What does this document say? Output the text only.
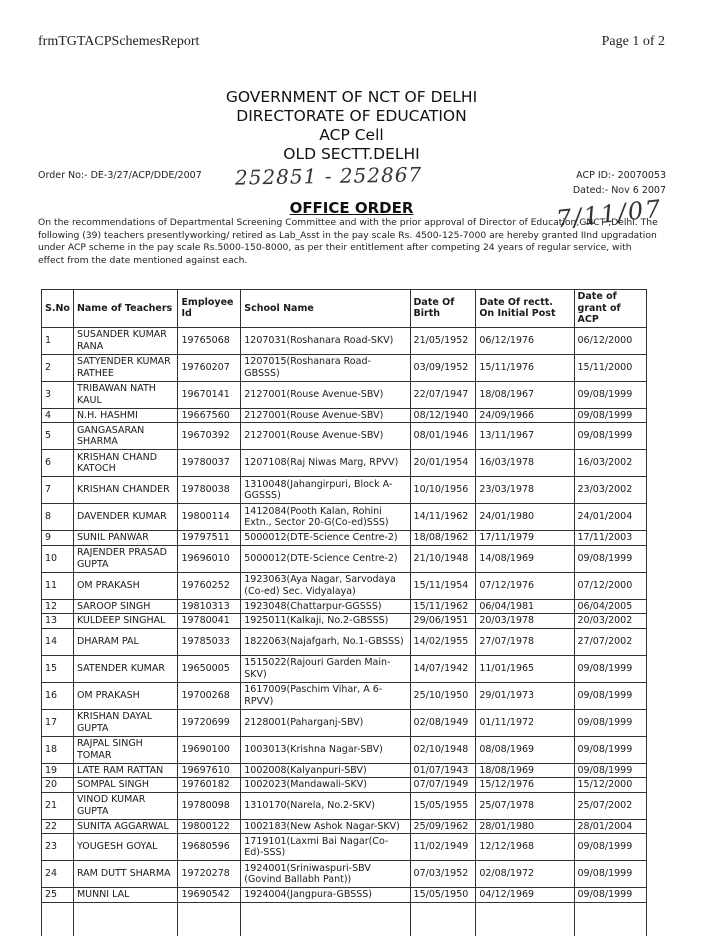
frmTGTACPSchemesReport	Page 1 of 2
GOVERNMENT OF NCT OF DELHI
DIRECTORATE OF EDUCATION
ACP Cell
OLD SECTT.DELHI
Order No:- DE-3/27/ACP/DDE/2007 252851 - 252867	ACP ID:- 20070053
Dated:- Nov 6 2007
7/11/07
OFFICE ORDER
On the recommendations of Departmental Screening Committee and with the prior approval of Director of Education,GNCT ,Delhi. The following (39) teachers presentlyworking/ retired as Lab_Asst in the pay scale Rs. 4500-125-7000 are hereby granted IInd upgradation under ACP scheme in the pay scale Rs.5000-150-8000, as per their entitlement after competing 24 years of regular service, with effect from the date mentioned against each.
S.No	Name of Teachers	Employee Id	School Name	Date Of Birth	Date Of rectt. On Initial Post	Date of grant of ACP
1	SUSANDER KUMAR RANA	19765068	1207031(Roshanara Road-SKV)	21/05/1952	06/12/1976	06/12/2000
2	SATYENDER KUMAR RATHEE	19760207	1207015(Roshanara Road-GBSSS)	03/09/1952	15/11/1976	15/11/2000
3	TRIBAWAN NATH KAUL	19670141	2127001(Rouse Avenue-SBV)	22/07/1947	18/08/1967	09/08/1999
4	N.H. HASHMI	19667560	2127001(Rouse Avenue-SBV)	08/12/1940	24/09/1966	09/08/1999
5	GANGASARAN SHARMA	19670392	2127001(Rouse Avenue-SBV)	08/01/1946	13/11/1967	09/08/1999
6	KRISHAN CHAND KATOCH	19780037	1207108(Raj Niwas Marg, RPVV)	20/01/1954	16/03/1978	16/03/2002
7	KRISHAN CHANDER	19780038	1310048(Jahangirpuri, Block A-GGSSS)	10/10/1956	23/03/1978	23/03/2002
8	DAVENDER KUMAR	19800114	1412084(Pooth Kalan, Rohini Extn., Sector 20-G(Co-ed)SSS)	14/11/1962	24/01/1980	24/01/2004
9	SUNIL PANWAR	19797511	5000012(DTE-Science Centre-2)	18/08/1962	17/11/1979	17/11/2003
10	RAJENDER PRASAD GUPTA	19696010	5000012(DTE-Science Centre-2)	21/10/1948	14/08/1969	09/08/1999
11	OM PRAKASH	19760252	1923063(Aya Nagar, Sarvodaya (Co-ed) Sec. Vidyalaya)	15/11/1954	07/12/1976	07/12/2000
12	SAROOP SINGH	19810313	1923048(Chattarpur-GGSSS)	15/11/1962	06/04/1981	06/04/2005
13	KULDEEP SINGHAL	19780041	1925011(Kalkaji, No.2-GBSSS)	29/06/1951	20/03/1978	20/03/2002
14	DHARAM PAL	19785033	1822063(Najafgarh, No.1-GBSSS)	14/02/1955	27/07/1978	27/07/2002
15	SATENDER KUMAR	19650005	1515022(Rajouri Garden Main-SKV)	14/07/1942	11/01/1965	09/08/1999
16	OM PRAKASH	19700268	1617009(Paschim Vihar, A 6-RPVV)	25/10/1950	29/01/1973	09/08/1999
17	KRISHAN DAYAL GUPTA	19720699	2128001(Paharganj-SBV)	02/08/1949	01/11/1972	09/08/1999
18	RAJPAL SINGH TOMAR	19690100	1003013(Krishna Nagar-SBV)	02/10/1948	08/08/1969	09/08/1999
19	LATE RAM RATTAN	19697610	1002008(Kalyanpuri-SBV)	01/07/1943	18/08/1969	09/08/1999
20	SOMPAL SINGH	19760182	1002023(Mandawali-SKV)	07/07/1949	15/12/1976	15/12/2000
21	VINOD KUMAR GUPTA	19780098	1310170(Narela, No.2-SKV)	15/05/1955	25/07/1978	25/07/2002
22	SUNITA AGGARWAL	19800122	1002183(New Ashok Nagar-SKV)	25/09/1962	28/01/1980	28/01/2004
23	YOUGESH GOYAL	19680596	1719101(Laxmi Bai Nagar(Co-Ed)-SSS)	11/02/1949	12/12/1968	09/08/1999
24	RAM DUTT SHARMA	19720278	1924001(Sriniwaspuri-SBV (Govind Ballabh Pant))	07/03/1952	02/08/1972	09/08/1999
25	MUNNI LAL	19690542	1924004(Jangpura-GBSSS)	15/05/1950	04/12/1969	09/08/1999
